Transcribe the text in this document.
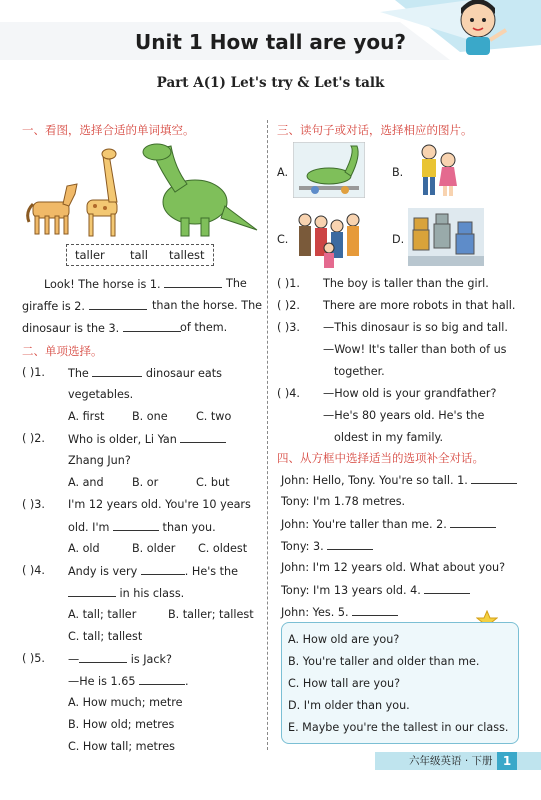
Unit 1 How tall are you?
Part A(1) Let's try & Let's talk
一、看图，选择合适的单词填空。
taller tall tallest
Look! The horse is 1.	The
giraffe is 2.	than the horse. The
dinosaur is the 3.	of them.
二、单项选择。
( )1. The	dinosaur eats
vegetables.
A. first B. one	C. two
( )2. Who is older, Li Yan
Zhang Jun?
A. and	B. or	C. but
( )3. I'm 12 years old. You're 10 years
old. I'm	than you.
A. old	B. older C. oldest
( )4. Andy is very	. He's the
in his class.
A. tall; taller	B. taller; tallest
C. tall; tallest
( )5. —	is Jack?
—He is 1.65	.
A. How much; metre
B. How old; metres
C. How tall; metres
三、读句子或对话，选择相应的图片。
A.	B.
C.	D.
( )1. The boy is taller than the girl.
( )2. There are more robots in that hall.
( )3. —This dinosaur is so big and tall.
—Wow! It's taller than both of us
together.
( )4. —How old is your grandfather?
—He's 80 years old. He's the
oldest in my family.
四、从方框中选择适当的选项补全对话。
John: Hello, Tony. You're so tall. 1.
Tony: I'm 1.78 metres.
John: You're taller than me. 2.
Tony: 3.
John: I'm 12 years old. What about you?
Tony: I'm 13 years old. 4.
John: Yes. 5.
A. How old are you?
B. You're taller and older than me.
C. How tall are you?
D. I'm older than you.
E. Maybe you're the tallest in our class.
六年级英语 · 下册 1
